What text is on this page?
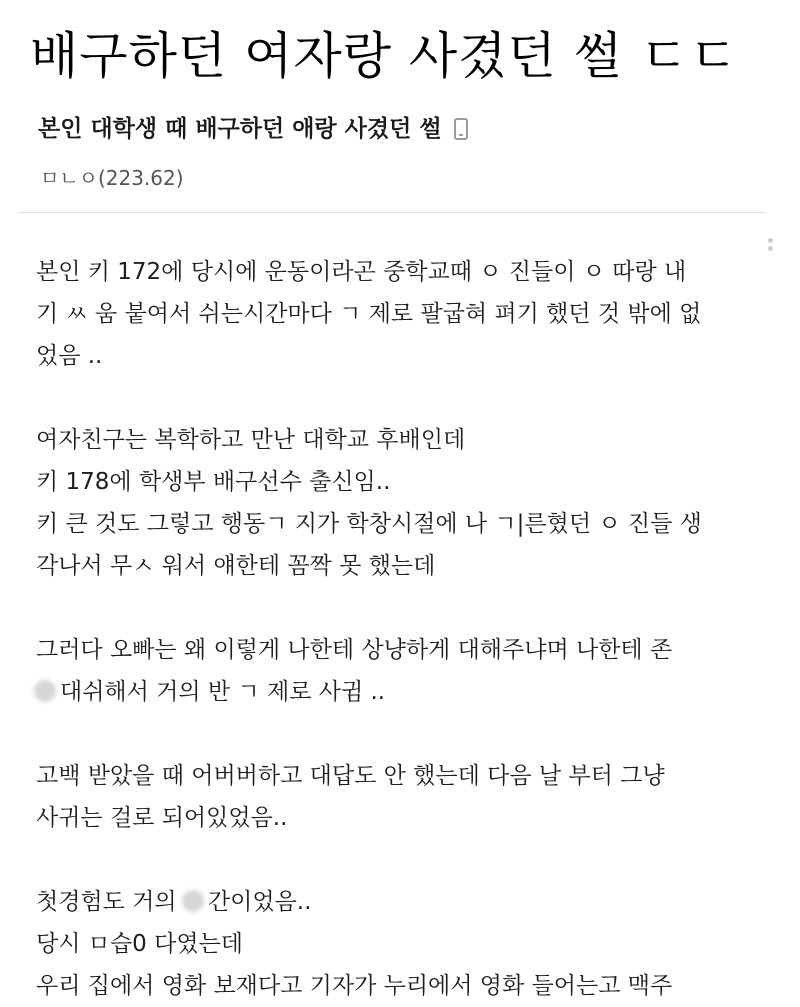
배구하던 여자랑 사겼던 썰 ㄷㄷ
본인 대학생 때 배구하던 애랑 사겼던 썰
ㅁㄴㅇ(223.62)
본인 키 172에 당시에 운동이라곤 중학교때 ㅇ 진들이 ㅇ 따랑 내
기 ㅆ 움 붙여서 쉬는시간마다 ㄱ 제로 팔굽혀 펴기 했던 것 밖에 없
었음 ..
여자친구는 복학하고 만난 대학교 후배인데
키 178에 학생부 배구선수 출신임..
키 큰 것도 그렇고 행동ㄱ 지가 학창시절에 나 ㄱ|른혔던 ㅇ 진들 생
각나서 무ㅅ 워서 얘한테 꼼짝 못 했는데
그러다 오빠는 왜 이렇게 나한테 상냥하게 대해주냐며 나한테 존
대쉬해서 거의 반 ㄱ 제로 사귐 ..
고백 받았을 때 어버버하고 대답도 안 했는데 다음 날 부터 그냥
사귀는 걸로 되어있었음..
첫경험도 거의 간이었음..
당시 ㅁ습0 다였는데
우리 집에서 영화 보재다고 기자가 누리에서 영화 들어는고 맥주
